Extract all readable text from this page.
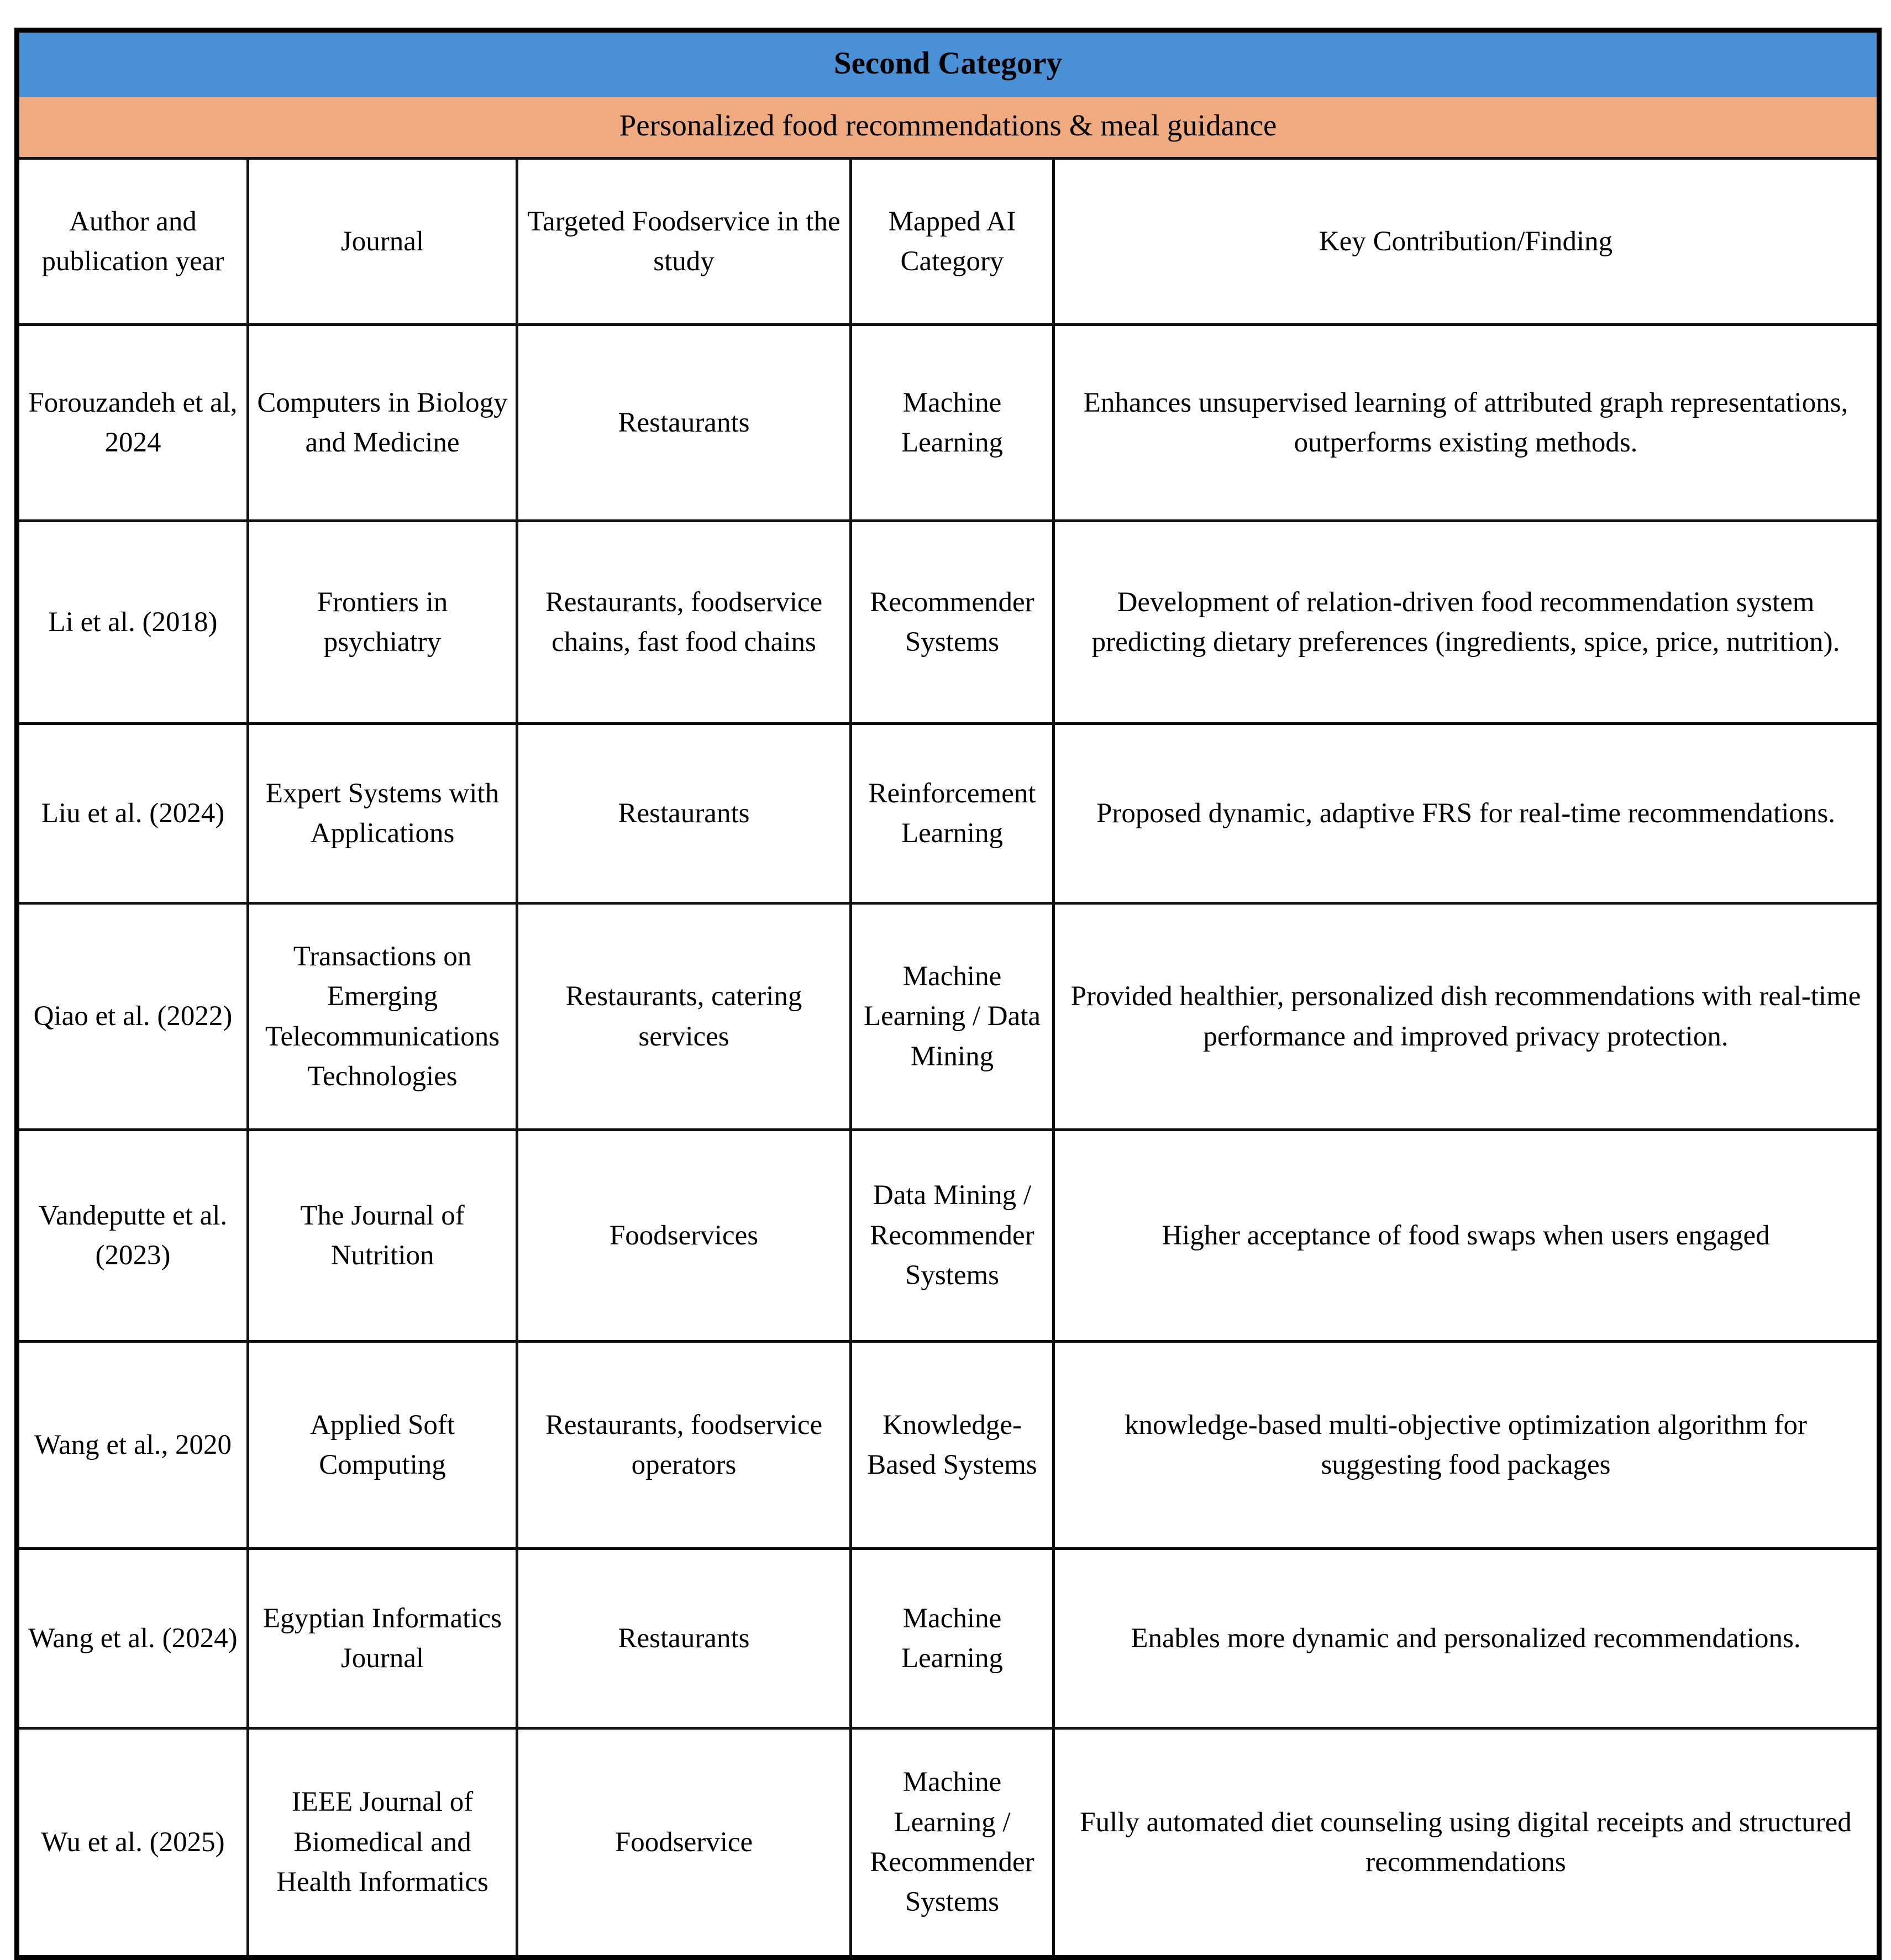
Second Category				
Personalized food recommendations & meal guidance				
Author and publication year	Journal	Targeted Foodservice in the study	Mapped AI Category	Key Contribution/Finding
Forouzandeh et al, 2024	Computers in Biology and Medicine	Restaurants	Machine Learning	Enhances unsupervised learning of attributed graph representations, outperforms existing methods.
Li et al. (2018)	Frontiers in psychiatry	Restaurants, foodservice chains, fast food chains	Recommender Systems	Development of relation-driven food recommendation system predicting dietary preferences (ingredients, spice, price, nutrition).
Liu et al. (2024)	Expert Systems with Applications	Restaurants	Reinforcement Learning	Proposed dynamic, adaptive FRS for real-time recommendations.
Qiao et al. (2022)	Transactions on Emerging Telecommunications Technologies	Restaurants, catering services	Machine Learning / Data Mining	Provided healthier, personalized dish recommendations with real-time performance and improved privacy protection.
Vandeputte et al. (2023)	The Journal of Nutrition	Foodservices	Data Mining / Recommender Systems	Higher acceptance of food swaps when users engaged
Wang et al., 2020	Applied Soft Computing	Restaurants, foodservice operators	Knowledge-Based Systems	knowledge-based multi-objective optimization algorithm for suggesting food packages
Wang et al. (2024)	Egyptian Informatics Journal	Restaurants	Machine Learning	Enables more dynamic and personalized recommendations.
Wu et al. (2025)	IEEE Journal of Biomedical and Health Informatics	Foodservice	Machine Learning / Recommender Systems	Fully automated diet counseling using digital receipts and structured recommendations
